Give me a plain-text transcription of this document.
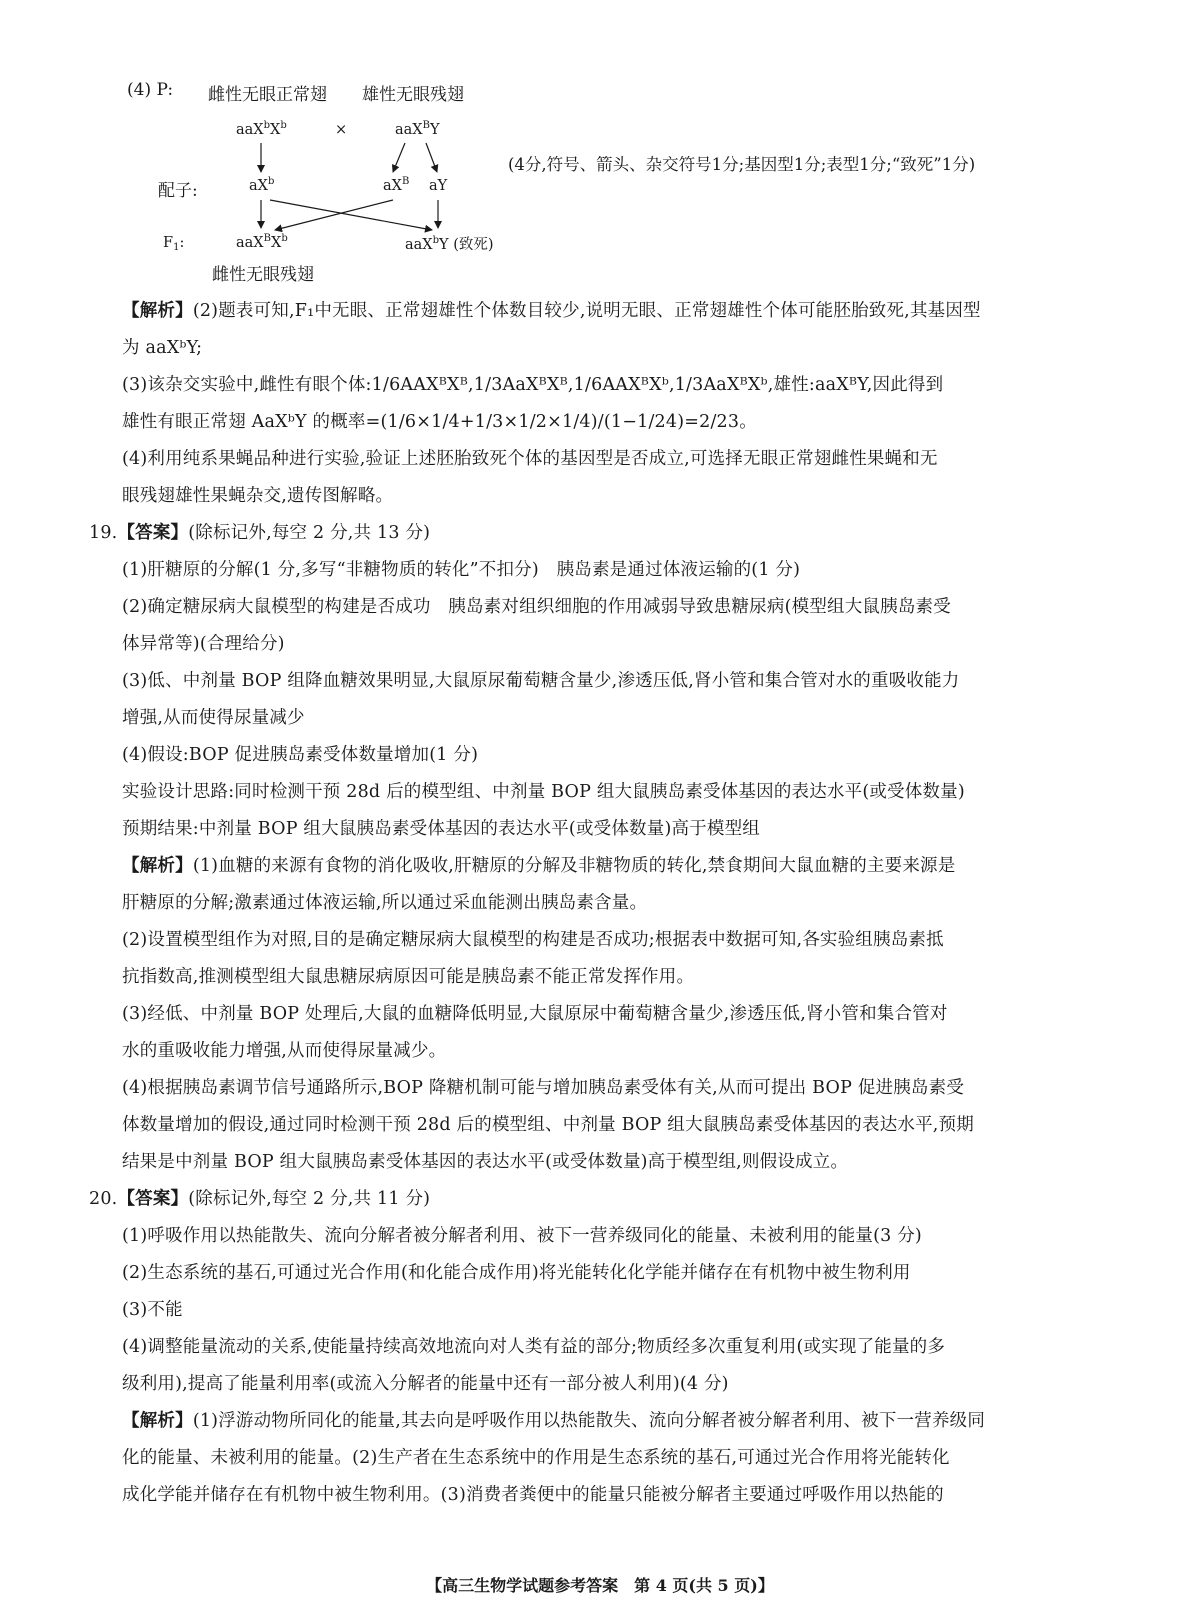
(4) P: 雌性无眼正常翅 雄性无眼残翅
$aaX^bX^b$	×	aaX$^B$Y
配子:	$aX^b$	$aX^B$ aY
$F_1$:	$aaX^BX^b$	aaX$^b$Y (致死)
雌性无眼残翅
(4分,符号、箭头、杂交符号1分;基因型1分;表型1分;“致死”1分)
【解析】(2)题表可知,F₁中无眼、正常翅雄性个体数目较少,说明无眼、正常翅雄性个体可能胚胎致死,其基因型
为 aaXᵇY;
(3)该杂交实验中,雌性有眼个体:1/6AAXᴮXᴮ,1/3AaXᴮXᴮ,1/6AAXᴮXᵇ,1/3AaXᴮXᵇ,雄性:aaXᴮY,因此得到
雄性有眼正常翅 AaXᵇY 的概率=(1/6×1/4+1/3×1/2×1/4)/(1−1/24)=2/23。
(4)利用纯系果蝇品种进行实验,验证上述胚胎致死个体的基因型是否成立,可选择无眼正常翅雌性果蝇和无
眼残翅雄性果蝇杂交,遗传图解略。
19.【答案】(除标记外,每空 2 分,共 13 分)
(1)肝糖原的分解(1 分,多写“非糖物质的转化”不扣分)　胰岛素是通过体液运输的(1 分)
(2)确定糖尿病大鼠模型的构建是否成功　胰岛素对组织细胞的作用减弱导致患糖尿病(模型组大鼠胰岛素受
体异常等)(合理给分)
(3)低、中剂量 BOP 组降血糖效果明显,大鼠原尿葡萄糖含量少,渗透压低,肾小管和集合管对水的重吸收能力
增强,从而使得尿量减少
(4)假设:BOP 促进胰岛素受体数量增加(1 分)
实验设计思路:同时检测干预 28d 后的模型组、中剂量 BOP 组大鼠胰岛素受体基因的表达水平(或受体数量)
预期结果:中剂量 BOP 组大鼠胰岛素受体基因的表达水平(或受体数量)高于模型组
【解析】(1)血糖的来源有食物的消化吸收,肝糖原的分解及非糖物质的转化,禁食期间大鼠血糖的主要来源是
肝糖原的分解;激素通过体液运输,所以通过采血能测出胰岛素含量。
(2)设置模型组作为对照,目的是确定糖尿病大鼠模型的构建是否成功;根据表中数据可知,各实验组胰岛素抵
抗指数高,推测模型组大鼠患糖尿病原因可能是胰岛素不能正常发挥作用。
(3)经低、中剂量 BOP 处理后,大鼠的血糖降低明显,大鼠原尿中葡萄糖含量少,渗透压低,肾小管和集合管对
水的重吸收能力增强,从而使得尿量减少。
(4)根据胰岛素调节信号通路所示,BOP 降糖机制可能与增加胰岛素受体有关,从而可提出 BOP 促进胰岛素受
体数量增加的假设,通过同时检测干预 28d 后的模型组、中剂量 BOP 组大鼠胰岛素受体基因的表达水平,预期
结果是中剂量 BOP 组大鼠胰岛素受体基因的表达水平(或受体数量)高于模型组,则假设成立。
20.【答案】(除标记外,每空 2 分,共 11 分)
(1)呼吸作用以热能散失、流向分解者被分解者利用、被下一营养级同化的能量、未被利用的能量(3 分)
(2)生态系统的基石,可通过光合作用(和化能合成作用)将光能转化化学能并储存在有机物中被生物利用
(3)不能
(4)调整能量流动的关系,使能量持续高效地流向对人类有益的部分;物质经多次重复利用(或实现了能量的多
级利用),提高了能量利用率(或流入分解者的能量中还有一部分被人利用)(4 分)
【解析】(1)浮游动物所同化的能量,其去向是呼吸作用以热能散失、流向分解者被分解者利用、被下一营养级同
化的能量、未被利用的能量。(2)生产者在生态系统中的作用是生态系统的基石,可通过光合作用将光能转化
成化学能并储存在有机物中被生物利用。(3)消费者粪便中的能量只能被分解者主要通过呼吸作用以热能的
【高三生物学试题参考答案　第 4 页(共 5 页)】
